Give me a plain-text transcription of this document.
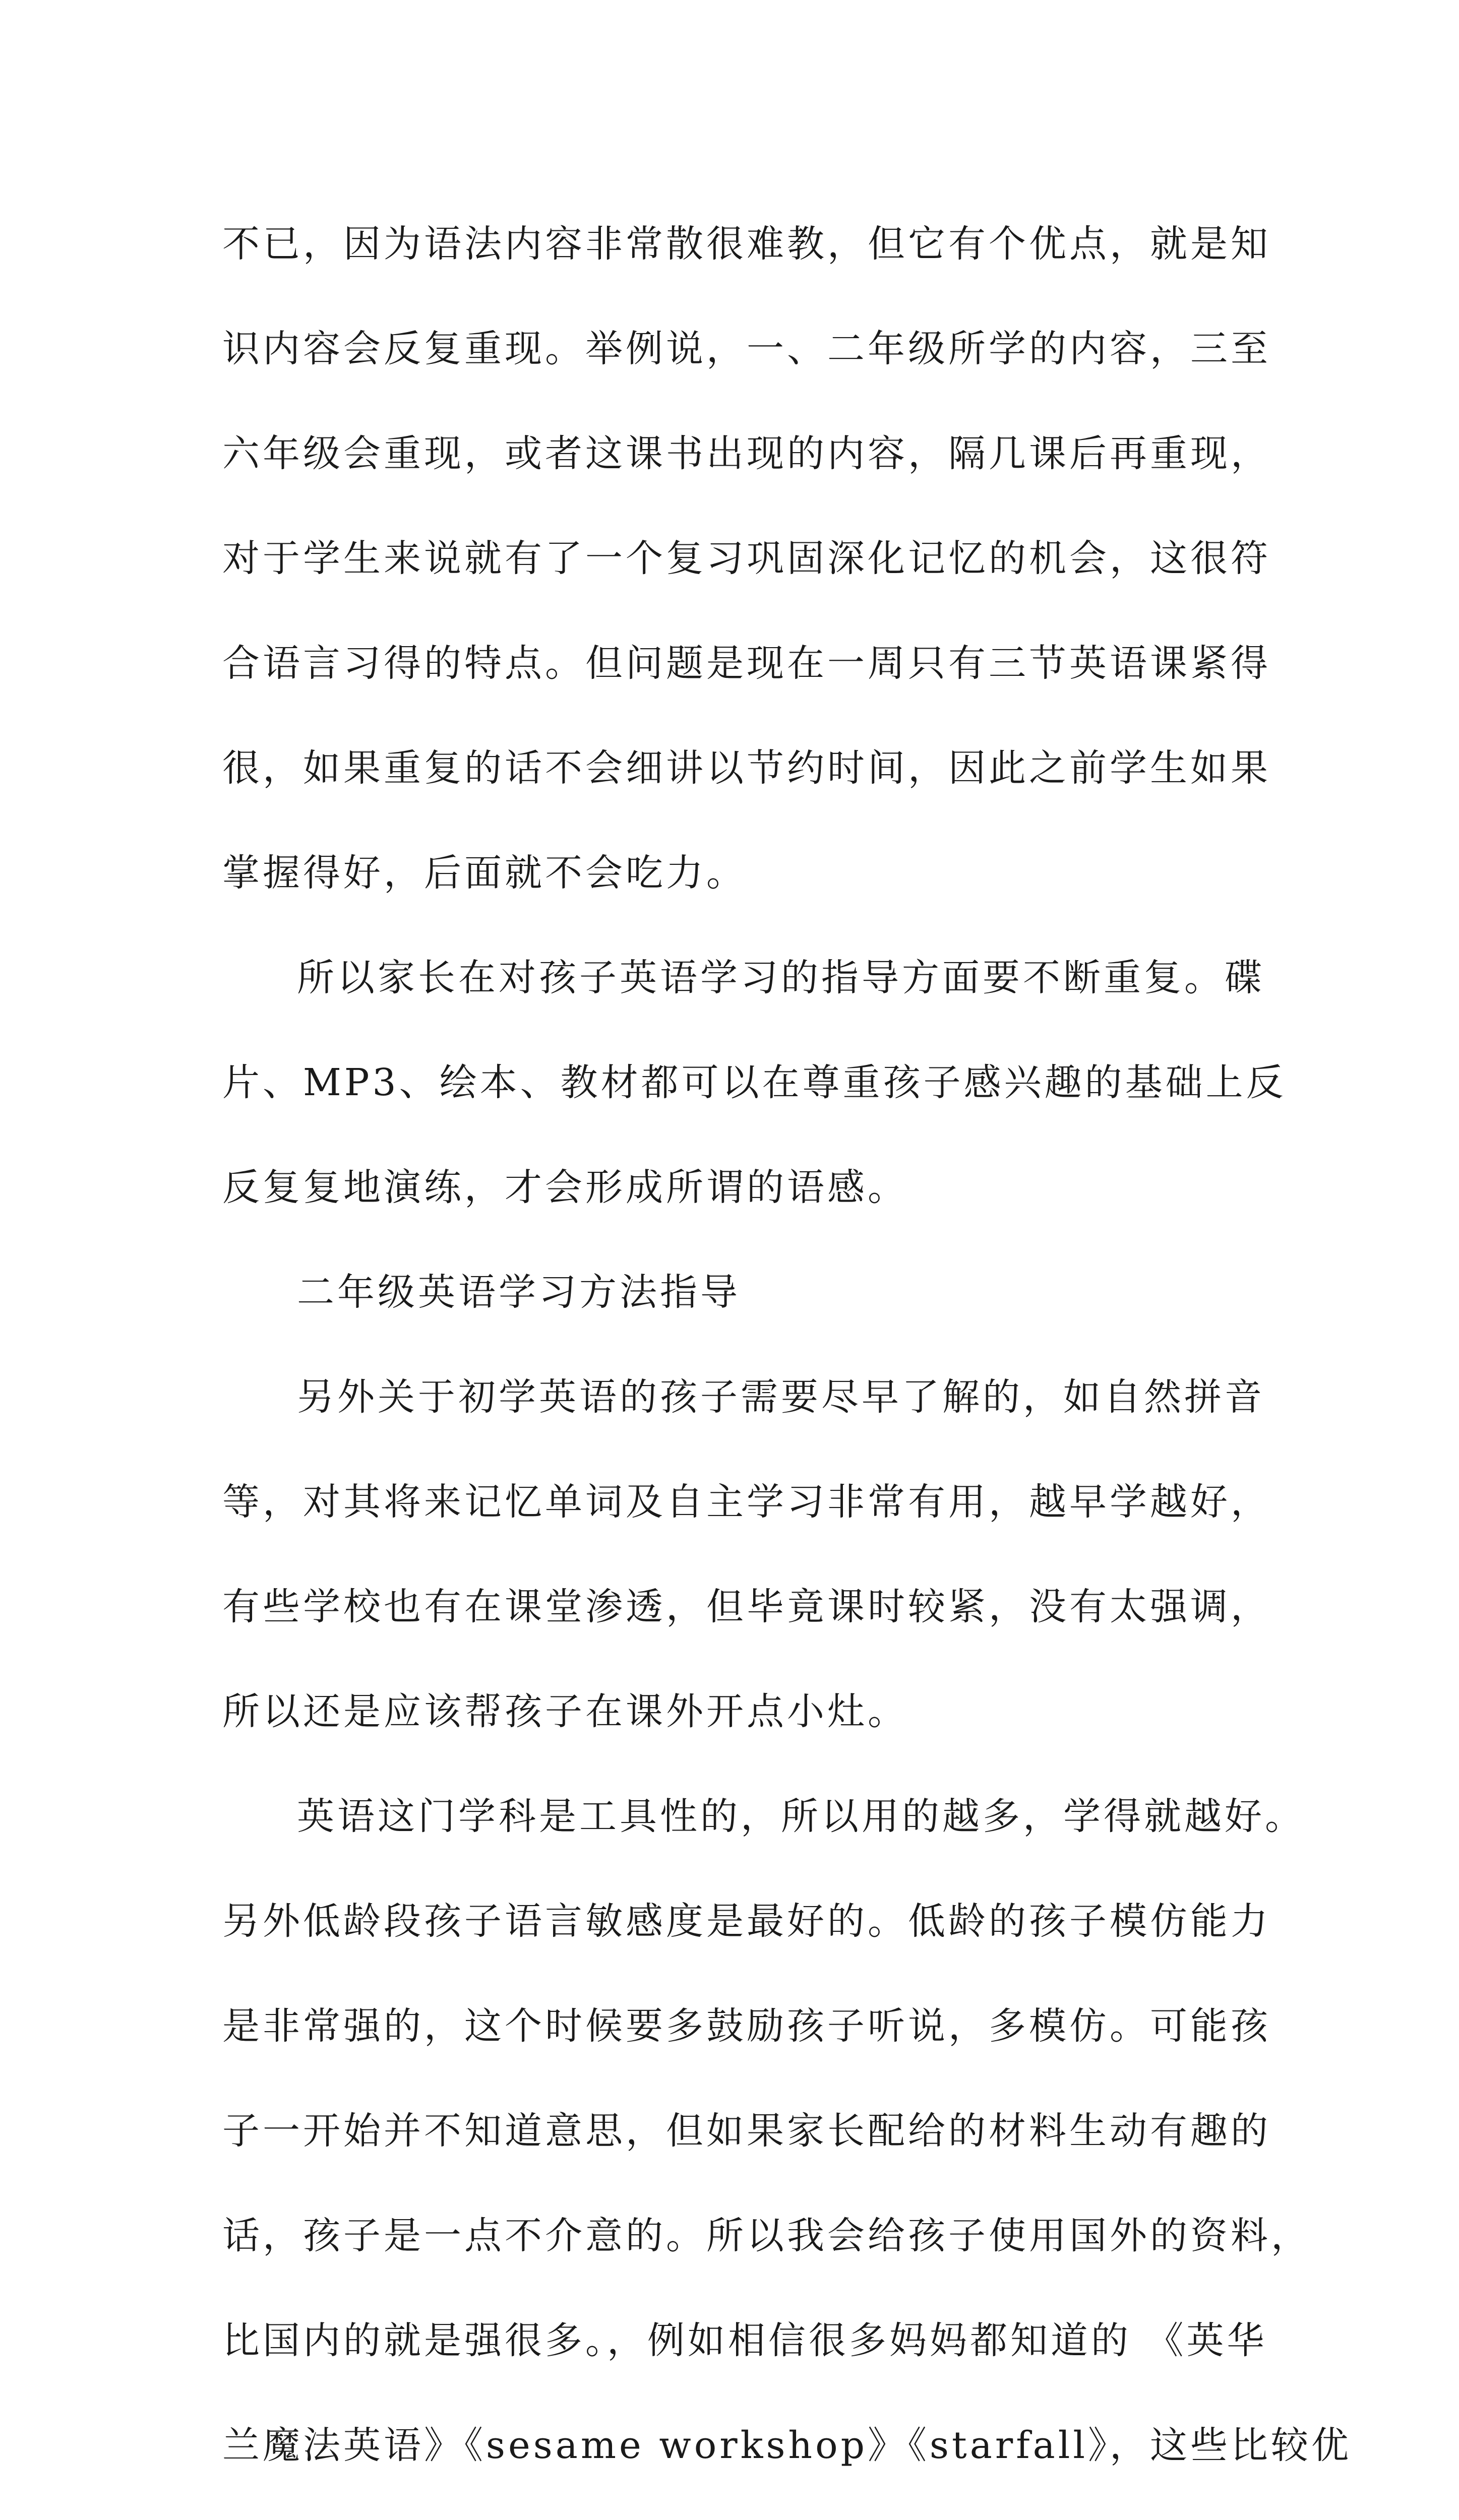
不已，因为语法内容非常散很难教，但它有个优点，就是知
识内容会反复重现。举例说，一、二年级所学的内容，三至
六年级会重现，或者这课书出现的内容，隔几课后再重现，
对于学生来说就有了一个复习巩固深化记忆的机会，这很符
合语言习得的特点。但问题是现在一周只有三节英语课紧得
很，如果重复的话不会细讲以节约时间，因此之前学生如果
掌握得好，后面就不会吃力。
所以家长在对孩子英语学习的指导方面要不断重复。碟
片、MP3、绘本、教材都可以在尊重孩子感兴趣的基础上反
反复复地演练，才会形成所谓的语感。
二年级英语学习方法指导
另外关于初学英语的孩子需要尽早了解的，如自然拼音
等，对其将来记忆单词及自主学习非常有用，越早学越好，
有些学校也有在课堂渗透，但毕竟课时较紧，没有太强调，
所以还是应该帮孩子在课外开点小灶。
英语这门学科是工具性的，所以用的越多，学得就越好。
另外低龄段孩子语言敏感度是最好的。低龄的孩子模仿能力
是非常强的，这个时候要多鼓励孩子听说，多模仿。可能孩
子一开始并不知道意思，但如果家长配给的材料生动有趣的
话，孩子是一点不介意的。所以我会给孩子使用国外的资料，
比国内的就是强很多。，例如相信很多妈妈都知道的 《英华
兰魔法英语》《sesame workshop》《starfall》，这些比较优
